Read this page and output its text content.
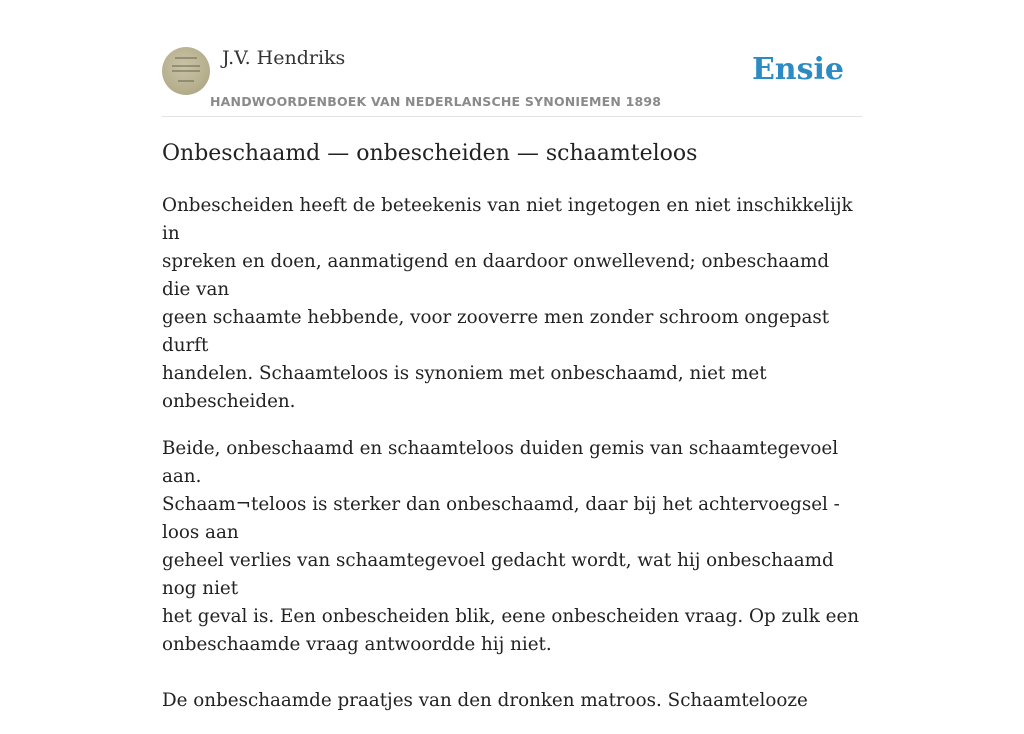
J.V. Hendriks
HANDWOORDENBOEK VAN NEDERLANSCHE SYNONIEMEN 1898
Ensie
Onbeschaamd — onbescheiden — schaamteloos

Onbescheiden heeft de beteekenis van niet ingetogen en niet inschikkelijk in
spreken en doen, aanmatigend en daardoor onwellevend; onbeschaamd die van
geen schaamte hebbende, voor zooverre men zonder schroom ongepast durft
handelen. Schaamteloos is synoniem met onbeschaamd, niet met onbescheiden.

Beide, onbeschaamd en schaamteloos duiden gemis van schaamtegevoel aan.
Schaam¬teloos is sterker dan onbeschaamd, daar bij het achtervoegsel -loos aan
geheel verlies van schaamtegevoel gedacht wordt, wat hij onbeschaamd nog niet
het geval is. Een onbescheiden blik, eene onbescheiden vraag. Op zulk een
onbeschaamde vraag antwoordde hij niet.

De onbeschaamde praatjes van den dronken matroos. Schaamtelooze
